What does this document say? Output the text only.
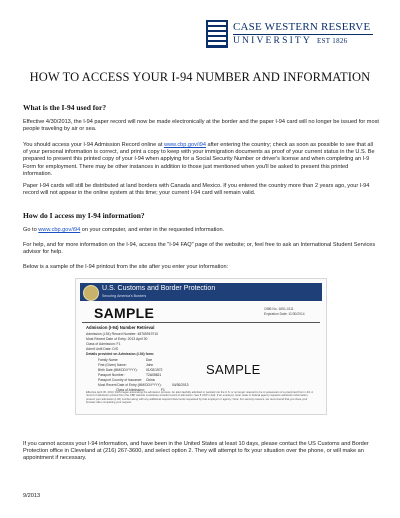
CASE WESTERN RESERVE
UNIVERSITY EST 1826
HOW TO ACCESS YOUR I-94 NUMBER AND INFORMATION
What is the I-94 used for?
Effective 4/30/2013, the I-94 paper record will now be made electronically at the border and the paper I-94 card will no longer be issued for most people traveling by air or sea.
You should access your I-94 Admission Record online at www.cbp.gov/i94 after entering the country; check as soon as possible to see that all of your personal information is correct, and print a copy to keep with your immigration documents as proof of your current status in the U.S. Be prepared to present this printed copy of your I-94 when applying for a Social Security Number or driver's license and when completing an I-9 Form for employment. There may be other instances in addition to those just mentioned when you'll be asked to present this printed information.
Paper I-94 cards will still be distributed at land borders with Canada and Mexico. If you entered the country more than 2 years ago, your I-94 record will not appear in the online system at this time; your current I-94 card will remain valid.
How do I access my I-94 information?
Go to www.cbp.gov/i94 on your computer, and enter in the requested information.
For help, and for more information on the I-94, access the "I-94 FAQ" page of the website; or, feel free to ask an International Student Services advisor for help.
Below is a sample of the I-94 printout from the site after you enter your information:
U.S. Customs and Border Protection
Securing America's Borders
SAMPLE	OMB No. 1651-0111
Expiration Date: 11/30/2014
Admission (I-94) Number Retrieval
Admission (I-94) Record Number: 48765919710
Most Recent Date of Entry: 2013 April 30
Class of Admission: F1
Admit Until Date: D/S
Details provided on Admission (I-94) form:
Family Name:	Doe
First (Given) Name:	John
Birth Date (MM/DD/YYYY):	01/02/1972
Passport Number:	T2A05621
Passport Country of Issuance: China
Most Recent Date of Entry (MM/DD/YYYY):	04/30/2013
Class of Admission:	F1
SAMPLE
Effective April 30, 2013, DHS began automating the admission process. An alien lawfully admitted or paroled into the U.S. is no longer required to be in possession of a preprinted Form I-94. A record of admission printed from the CBP website constitutes a lawful record of admission. See 8 CFR 1.4(d). If an employer, local, state or federal agency requests admission information, present your admission (I-94) number along with any additional required documents requested by that employer or agency. Note: For security reasons, we recommend that you close your browser after completing your request.
If you cannot access your I-94 information, and have been in the United States at least 10 days, please contact the US Customs and Border Protection office in Cleveland at (216) 267-3600, and select option 2. They will attempt to fix your situation over the phone, or will make an appointment if necessary.
9/2013
